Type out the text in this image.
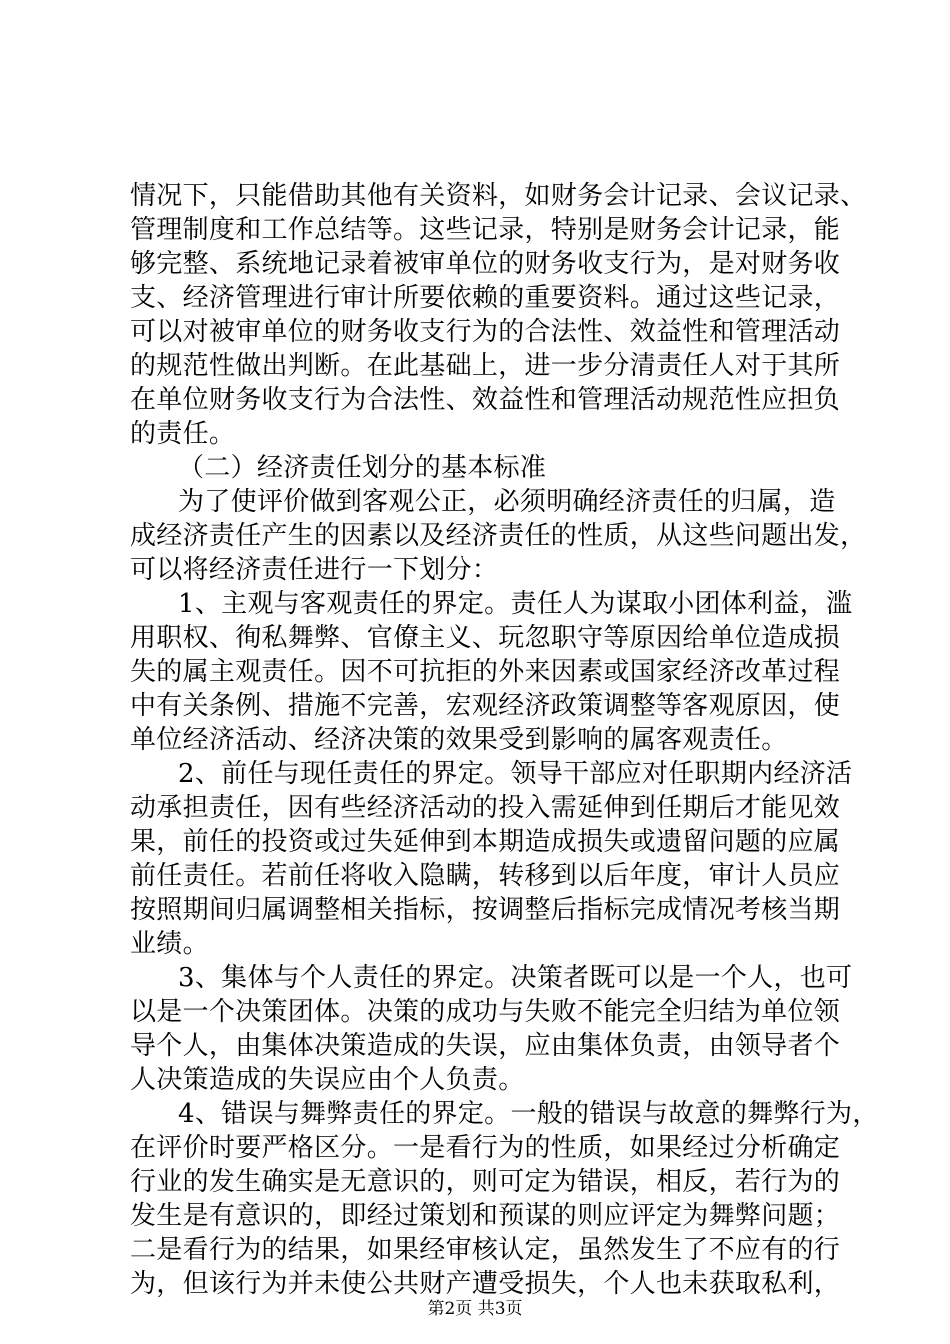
情况下，只能借助其他有关资料，如财务会计记录、会议记录、
管理制度和工作总结等。这些记录，特别是财务会计记录，能
够完整、系统地记录着被审单位的财务收支行为，是对财务收
支、经济管理进行审计所要依赖的重要资料。通过这些记录，
可以对被审单位的财务收支行为的合法性、效益性和管理活动
的规范性做出判断。在此基础上，进一步分清责任人对于其所
在单位财务收支行为合法性、效益性和管理活动规范性应担负
的责任。
（二）经济责任划分的基本标准
为了使评价做到客观公正，必须明确经济责任的归属，造
成经济责任产生的因素以及经济责任的性质，从这些问题出发，
可以将经济责任进行一下划分：
1、主观与客观责任的界定。责任人为谋取小团体利益，滥
用职权、徇私舞弊、官僚主义、玩忽职守等原因给单位造成损
失的属主观责任。因不可抗拒的外来因素或国家经济改革过程
中有关条例、措施不完善，宏观经济政策调整等客观原因，使
单位经济活动、经济决策的效果受到影响的属客观责任。
2、前任与现任责任的界定。领导干部应对任职期内经济活
动承担责任，因有些经济活动的投入需延伸到任期后才能见效
果，前任的投资或过失延伸到本期造成损失或遗留问题的应属
前任责任。若前任将收入隐瞒，转移到以后年度，审计人员应
按照期间归属调整相关指标，按调整后指标完成情况考核当期
业绩。
3、集体与个人责任的界定。决策者既可以是一个人，也可
以是一个决策团体。决策的成功与失败不能完全归结为单位领
导个人，由集体决策造成的失误，应由集体负责，由领导者个
人决策造成的失误应由个人负责。
4、错误与舞弊责任的界定。一般的错误与故意的舞弊行为，
在评价时要严格区分。一是看行为的性质，如果经过分析确定
行业的发生确实是无意识的，则可定为错误，相反，若行为的
发生是有意识的，即经过策划和预谋的则应评定为舞弊问题；
二是看行为的结果，如果经审核认定，虽然发生了不应有的行
为，但该行为并未使公共财产遭受损失，个人也未获取私利，
第2页 共3页
